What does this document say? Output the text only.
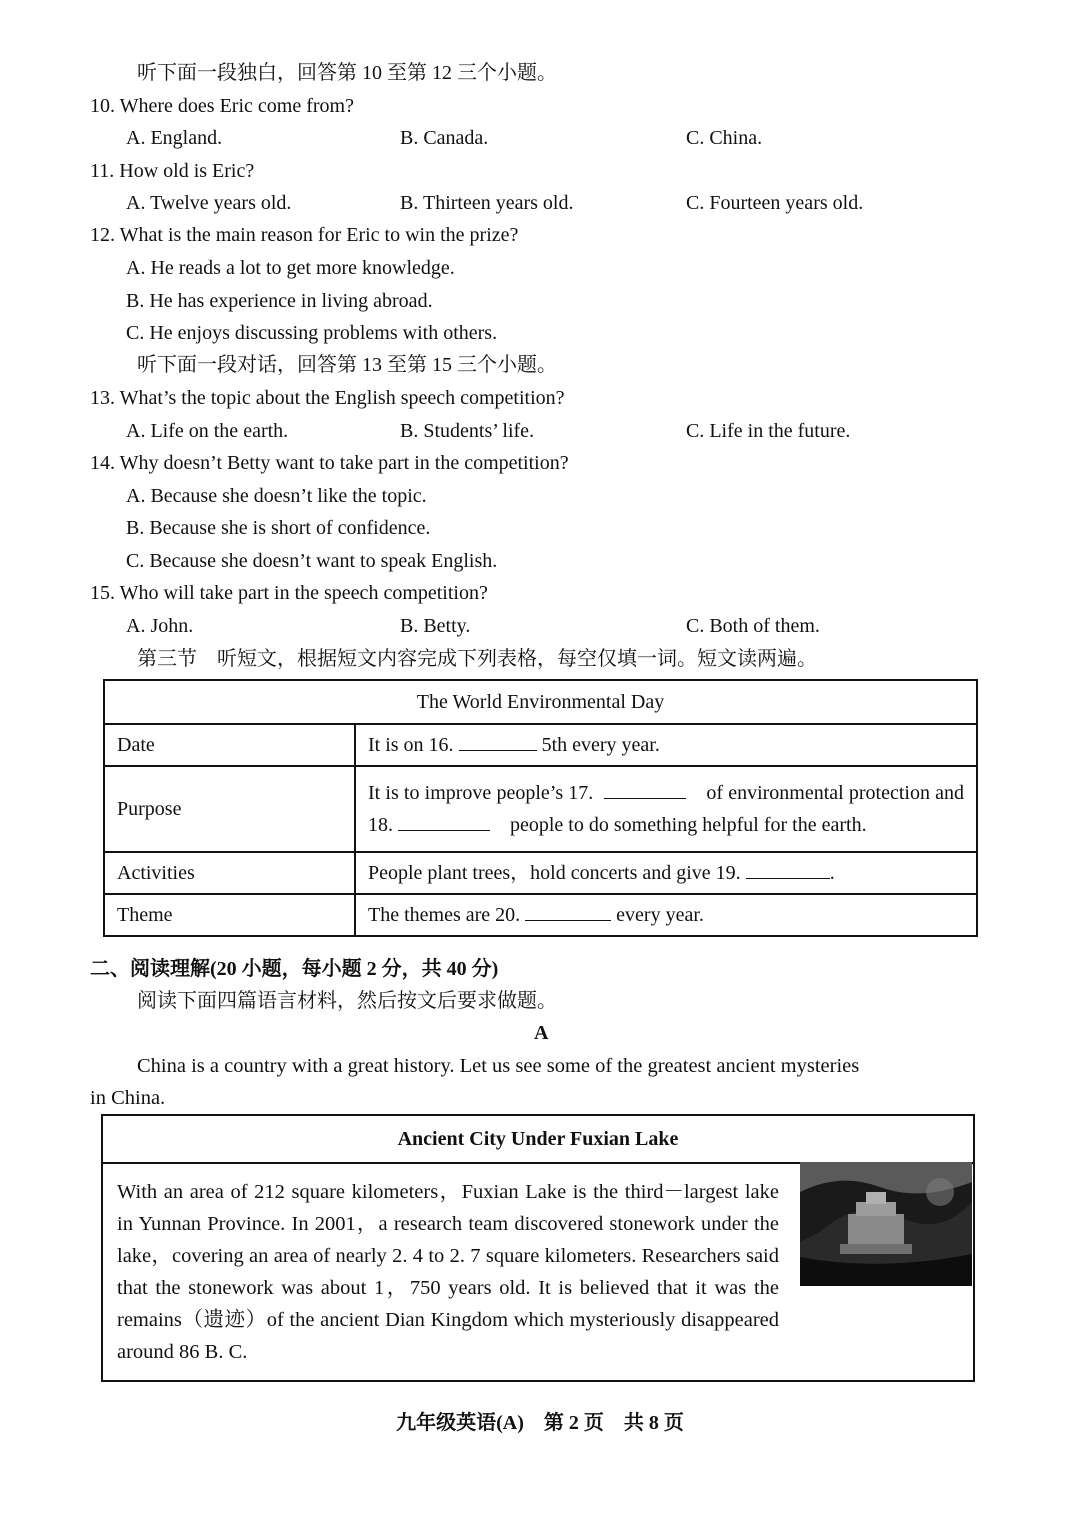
听下面一段独白，回答第 10 至第 12 三个小题。
10. Where does Eric come from?
A. England.	B. Canada.	C. China.
11. How old is Eric?
A. Twelve years old.	B. Thirteen years old.	C. Fourteen years old.
12. What is the main reason for Eric to win the prize?
A. He reads a lot to get more knowledge.
B. He has experience in living abroad.
C. He enjoys discussing problems with others.
听下面一段对话，回答第 13 至第 15 三个小题。
13. What’s the topic about the English speech competition?
A. Life on the earth.	B. Students’ life.	C. Life in the future.
14. Why doesn’t Betty want to take part in the competition?
A. Because she doesn’t like the topic.
B. Because she is short of confidence.
C. Because she doesn’t want to speak English.
15. Who will take part in the speech competition?
A. John.	B. Betty.	C. Both of them.
第三节　听短文，根据短文内容完成下列表格，每空仅填一词。短文读两遍。
The World Environmental Day	
Date	It is on 16. 5th every year.
Purpose	It is to improve people’s 17. of environmental protection and 18. people to do something helpful for the earth.
Activities	People plant trees，hold concerts and give 19. .
Theme	The themes are 20. every year.
二、阅读理解(20 小题，每小题 2 分，共 40 分)
阅读下面四篇语言材料，然后按文后要求做题。
A
China is a country with a great history. Let us see some of the greatest ancient mysteries
in China.
Ancient City Under Fuxian Lake
With an area of 212 square kilometers，Fuxian Lake is the third－largest lake in Yunnan Province. In 2001，a research team discovered stonework under the lake，covering an area of nearly 2. 4 to 2. 7 square kilometers. Researchers said that the stonework was about 1，750 years old. It is believed that it was the remains（遗迹）of the ancient Dian Kingdom which mysteriously disappeared around 86 B. C.
九年级英语(A)　第 2 页　共 8 页
